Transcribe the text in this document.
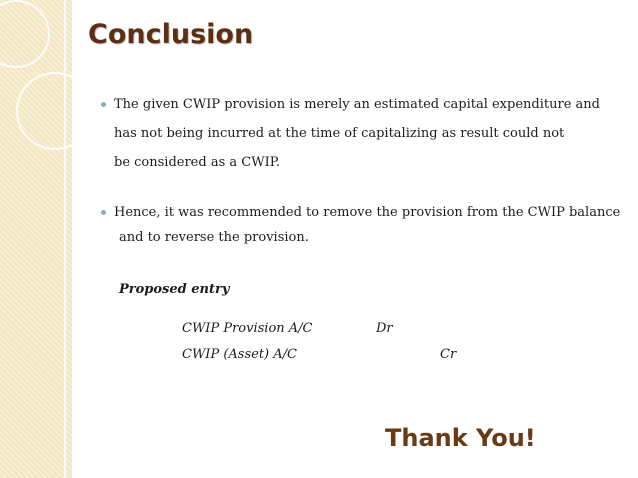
Conclusion
The given CWIP provision is merely an estimated capital expenditure and
has not being incurred at the time of capitalizing as result could not
be considered as a CWIP.
Hence, it was recommended to remove the provision from the CWIP balance
and to reverse the provision.
Proposed entry
CWIP Provision A/C	Dr
CWIP (Asset) A/C	Cr
Thank You!
